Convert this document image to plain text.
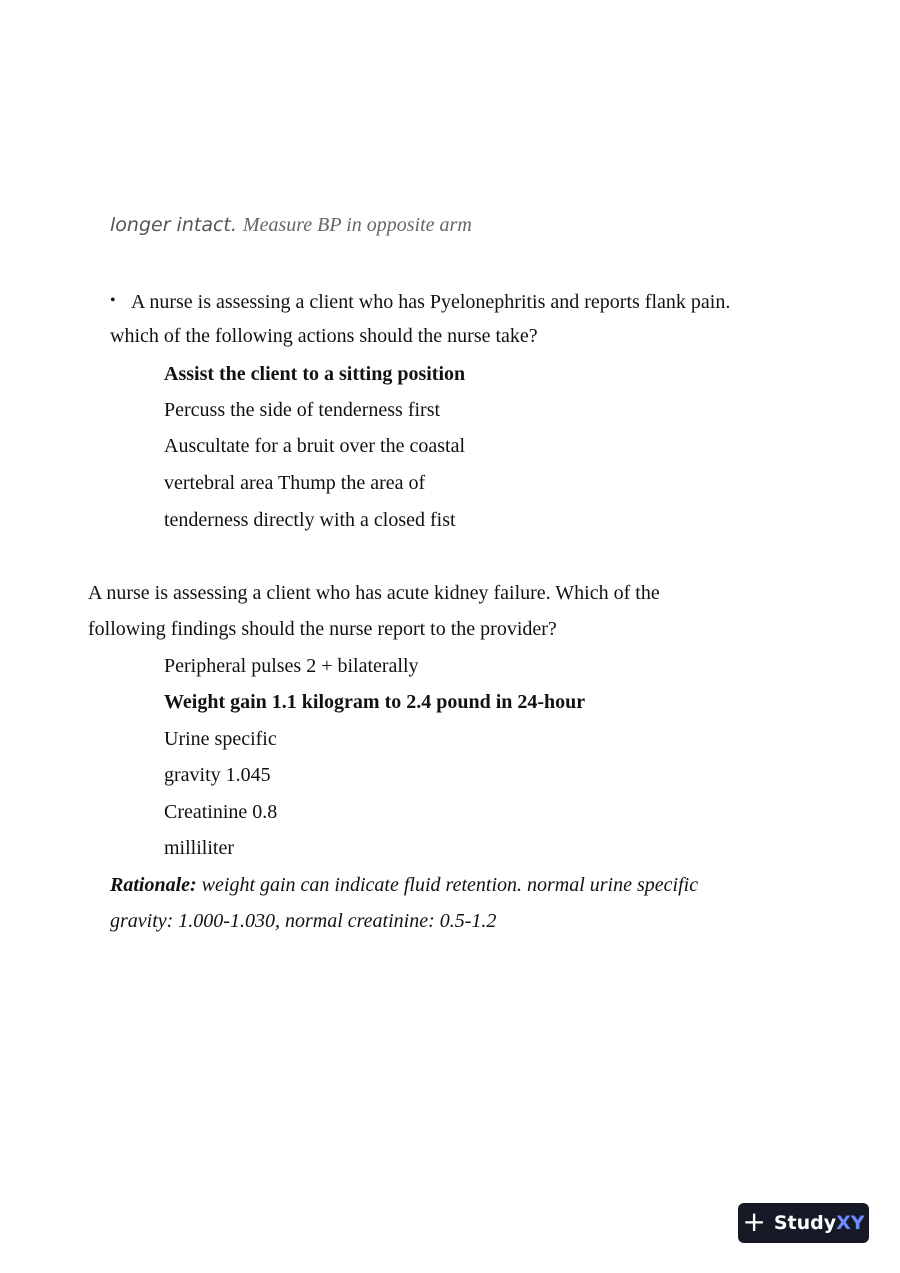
longer intact. Measure BP in opposite arm
• A nurse is assessing a client who has Pyelonephritis and reports flank pain.
which of the following actions should the nurse take?
Assist the client to a sitting position
Percuss the side of tenderness first
Auscultate for a bruit over the coastal
vertebral area Thump the area of
tenderness directly with a closed fist
A nurse is assessing a client who has acute kidney failure. Which of the
following findings should the nurse report to the provider?
Peripheral pulses 2 + bilaterally
Weight gain 1.1 kilogram to 2.4 pound in 24-hour
Urine specific
gravity 1.045
Creatinine 0.8
milliliter
Rationale: weight gain can indicate fluid retention. normal urine specific
gravity: 1.000-1.030, normal creatinine: 0.5-1.2
+ StudyXY
